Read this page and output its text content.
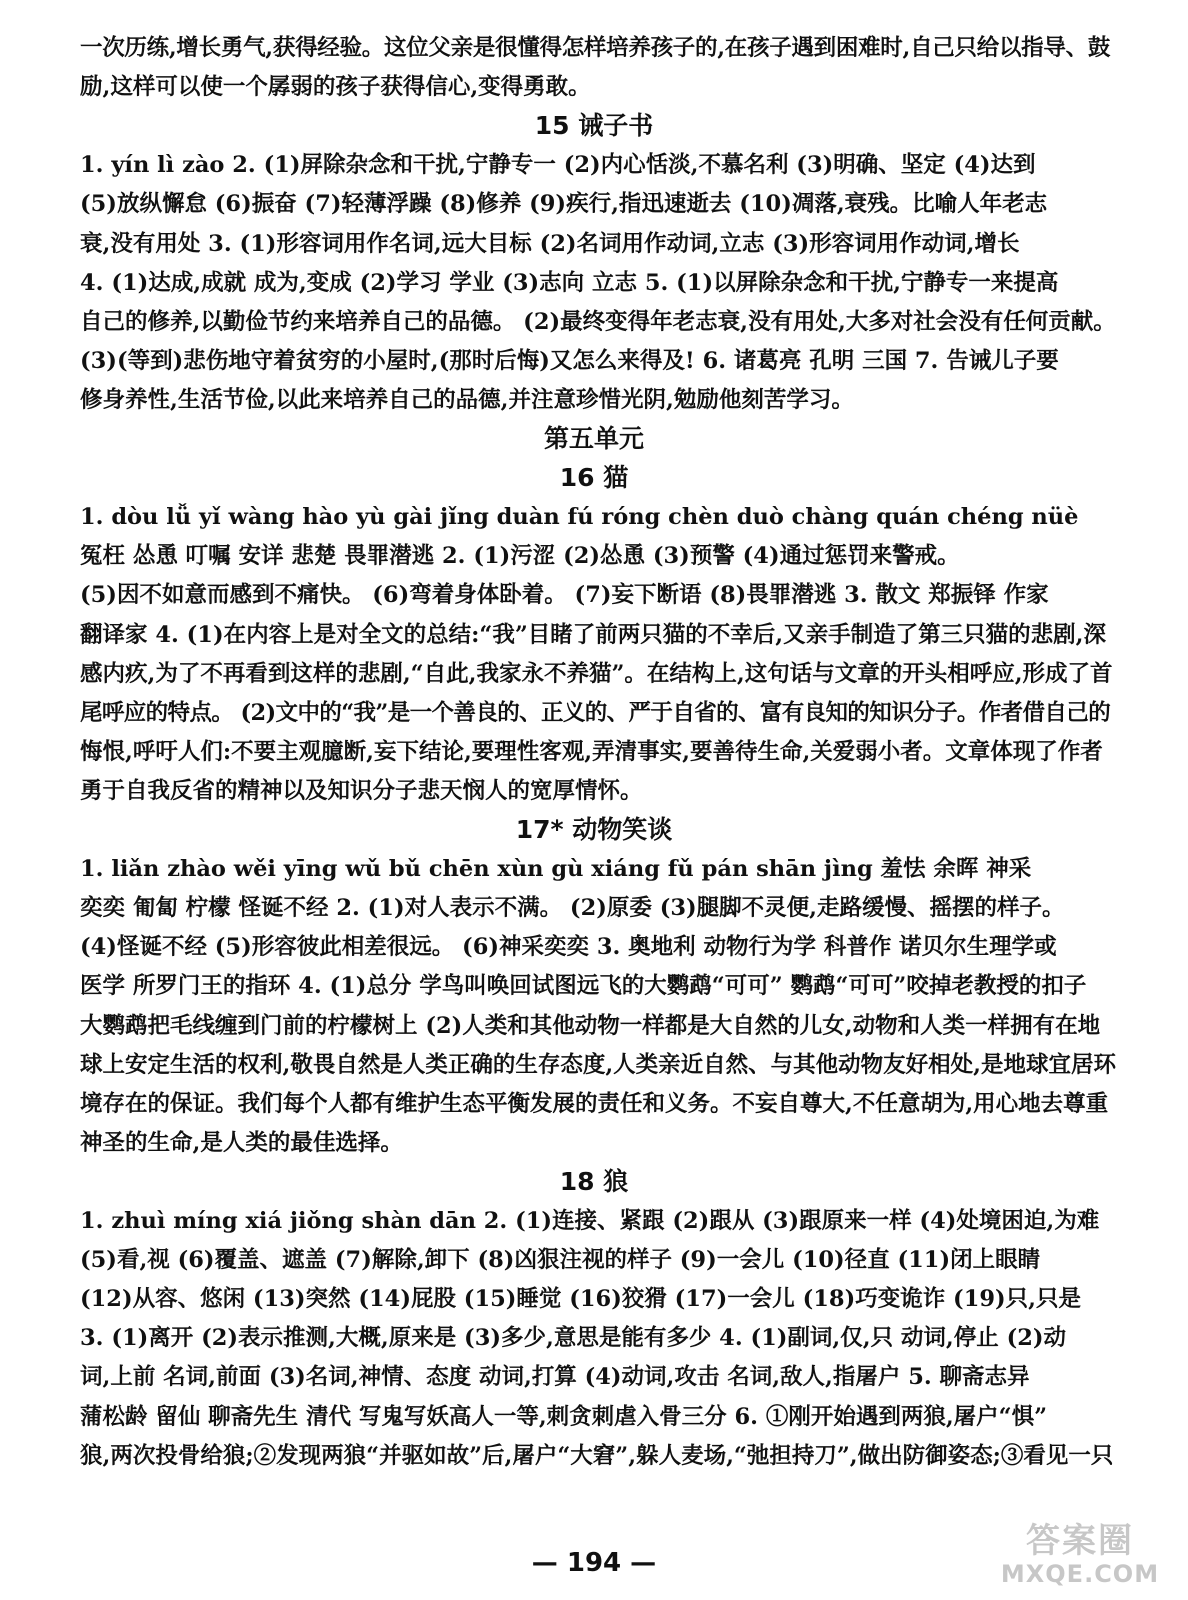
一次历练,增长勇气,获得经验。这位父亲是很懂得怎样培养孩子的,在孩子遇到困难时,自己只给以指导、鼓
励,这样可以使一个孱弱的孩子获得信心,变得勇敢。
15 诫子书
1. yín lì zào 2. (1)屏除杂念和干扰,宁静专一 (2)内心恬淡,不慕名利 (3)明确、坚定 (4)达到
(5)放纵懈怠 (6)振奋 (7)轻薄浮躁 (8)修养 (9)疾行,指迅速逝去 (10)凋落,衰残。比喻人年老志
衰,没有用处 3. (1)形容词用作名词,远大目标 (2)名词用作动词,立志 (3)形容词用作动词,增长
4. (1)达成,成就 成为,变成 (2)学习 学业 (3)志向 立志 5. (1)以屏除杂念和干扰,宁静专一来提高
自己的修养,以勤俭节约来培养自己的品德。 (2)最终变得年老志衰,没有用处,大多对社会没有任何贡献。
(3)(等到)悲伤地守着贫穷的小屋时,(那时后悔)又怎么来得及! 6. 诸葛亮 孔明 三国 7. 告诫儿子要
修身养性,生活节俭,以此来培养自己的品德,并注意珍惜光阴,勉励他刻苦学习。
第五单元
16 猫
1. dòu lǚ yǐ wàng hào yù gài jǐng duàn fú róng chèn duò chàng quán chéng nüè
冤枉 怂恿 叮嘱 安详 悲楚 畏罪潜逃 2. (1)污涩 (2)怂恿 (3)预警 (4)通过惩罚来警戒。
(5)因不如意而感到不痛快。 (6)弯着身体卧着。 (7)妄下断语 (8)畏罪潜逃 3. 散文 郑振铎 作家
翻译家 4. (1)在内容上是对全文的总结:“我”目睹了前两只猫的不幸后,又亲手制造了第三只猫的悲剧,深
感内疚,为了不再看到这样的悲剧,“自此,我家永不养猫”。在结构上,这句话与文章的开头相呼应,形成了首
尾呼应的特点。 (2)文中的“我”是一个善良的、正义的、严于自省的、富有良知的知识分子。作者借自己的
悔恨,呼吁人们:不要主观臆断,妄下结论,要理性客观,弄清事实,要善待生命,关爱弱小者。文章体现了作者
勇于自我反省的精神以及知识分子悲天悯人的宽厚情怀。
17* 动物笑谈
1. liǎn zhào wěi yīng wǔ bǔ chēn xùn gù xiáng fǔ pán shān jìng 羞怯 余晖 神采
奕奕 匍匐 柠檬 怪诞不经 2. (1)对人表示不满。 (2)原委 (3)腿脚不灵便,走路缓慢、摇摆的样子。
(4)怪诞不经 (5)形容彼此相差很远。 (6)神采奕奕 3. 奥地利 动物行为学 科普作 诺贝尔生理学或
医学 所罗门王的指环 4. (1)总分 学鸟叫唤回试图远飞的大鹦鹉“可可” 鹦鹉“可可”咬掉老教授的扣子
大鹦鹉把毛线缠到门前的柠檬树上 (2)人类和其他动物一样都是大自然的儿女,动物和人类一样拥有在地
球上安定生活的权利,敬畏自然是人类正确的生存态度,人类亲近自然、与其他动物友好相处,是地球宜居环
境存在的保证。我们每个人都有维护生态平衡发展的责任和义务。不妄自尊大,不任意胡为,用心地去尊重
神圣的生命,是人类的最佳选择。
18 狼
1. zhuì míng xiá jiǒng shàn dān 2. (1)连接、紧跟 (2)跟从 (3)跟原来一样 (4)处境困迫,为难
(5)看,视 (6)覆盖、遮盖 (7)解除,卸下 (8)凶狠注视的样子 (9)一会儿 (10)径直 (11)闭上眼睛
(12)从容、悠闲 (13)突然 (14)屁股 (15)睡觉 (16)狡猾 (17)一会儿 (18)巧变诡诈 (19)只,只是
3. (1)离开 (2)表示推测,大概,原来是 (3)多少,意思是能有多少 4. (1)副词,仅,只 动词,停止 (2)动
词,上前 名词,前面 (3)名词,神情、态度 动词,打算 (4)动词,攻击 名词,敌人,指屠户 5. 聊斋志异
蒲松龄 留仙 聊斋先生 清代 写鬼写妖高人一等,刺贪刺虐入骨三分 6. ①刚开始遇到两狼,屠户“惧”
狼,两次投骨给狼;②发现两狼“并驱如故”后,屠户“大窘”,躲人麦场,“弛担持刀”,做出防御姿态;③看见一只
— 194 —
答案圈
MXQE.COM
